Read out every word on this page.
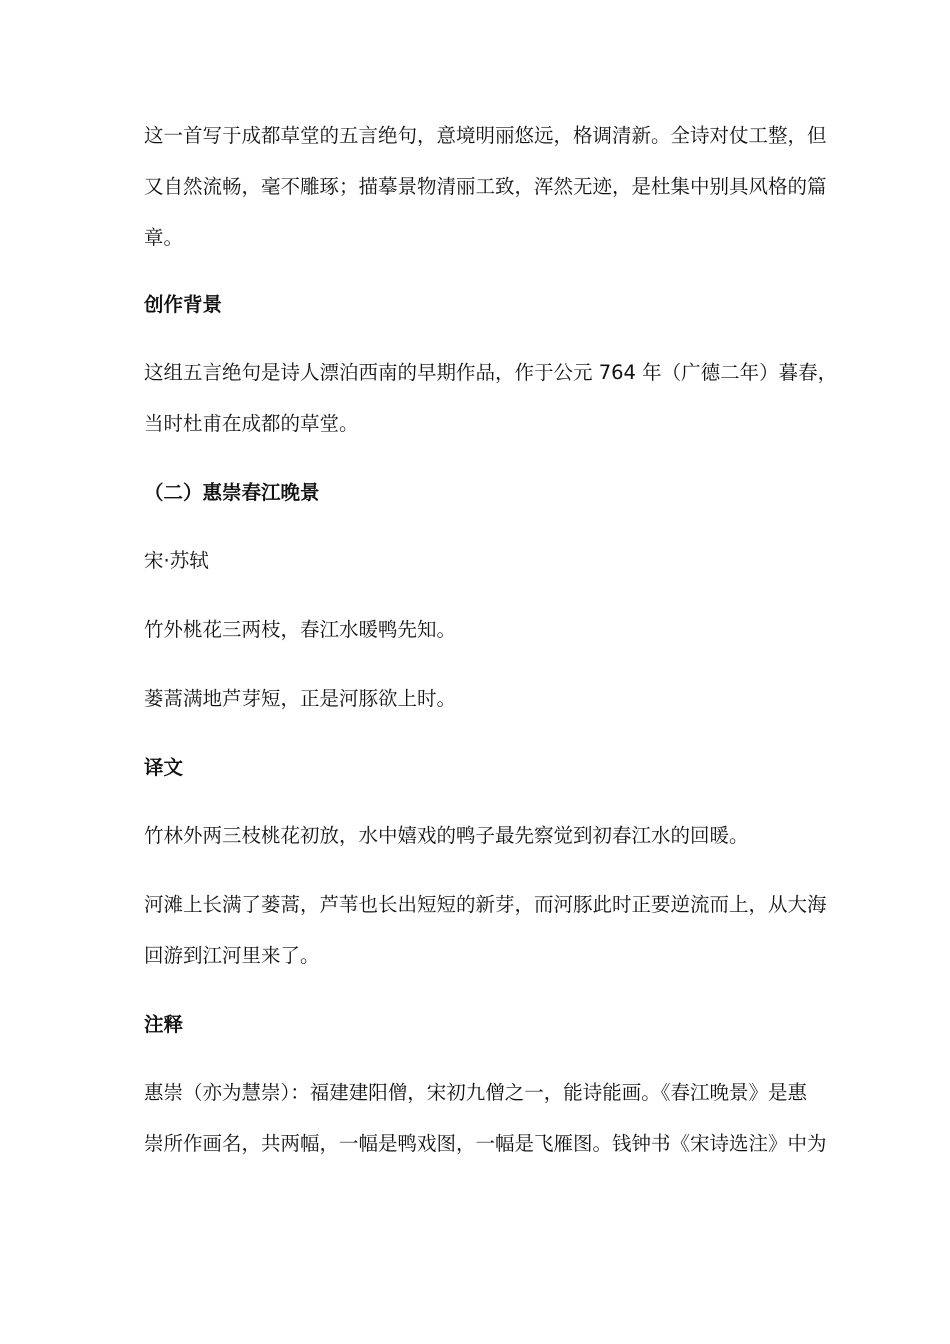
这一首写于成都草堂的五言绝句，意境明丽悠远，格调清新。全诗对仗工整，但
又自然流畅，毫不雕琢；描摹景物清丽工致，浑然无迹，是杜集中别具风格的篇
章。

创作背景

这组五言绝句是诗人漂泊西南的早期作品，作于公元 764 年（广德二年）暮春，
当时杜甫在成都的草堂。

（二）惠崇春江晚景

宋·苏轼

竹外桃花三两枝，春江水暖鸭先知。

蒌蒿满地芦芽短，正是河豚欲上时。

译文

竹林外两三枝桃花初放，水中嬉戏的鸭子最先察觉到初春江水的回暖。

河滩上长满了蒌蒿，芦苇也长出短短的新芽，而河豚此时正要逆流而上，从大海
回游到江河里来了。

注释

惠崇（亦为慧崇）：福建建阳僧，宋初九僧之一，能诗能画。《春江晚景》是惠
崇所作画名，共两幅，一幅是鸭戏图，一幅是飞雁图。钱钟书《宋诗选注》中为
